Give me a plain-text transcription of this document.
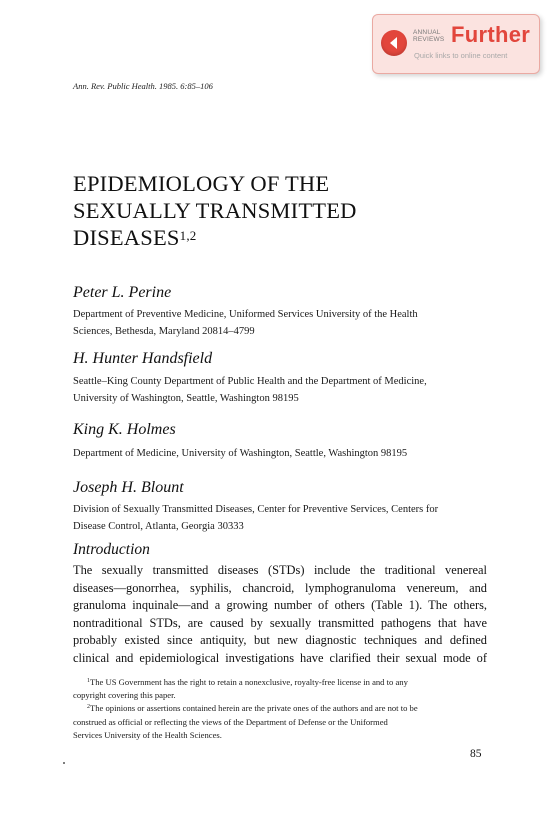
ANNUAL
REVIEWS Further
Quick links to online content
Ann. Rev. Public Health. 1985. 6:85–106
EPIDEMIOLOGY OF THE
SEXUALLY TRANSMITTED
DISEASES$^{1,2}$
Peter L. Perine
Department of Preventive Medicine, Uniformed Services University of the Health
Sciences, Bethesda, Maryland 20814–4799
H. Hunter Handsfield
Seattle–King County Department of Public Health and the Department of Medicine,
University of Washington, Seattle, Washington 98195
King K. Holmes
Department of Medicine, University of Washington, Seattle, Washington 98195
Joseph H. Blount
Division of Sexually Transmitted Diseases, Center for Preventive Services, Centers for
Disease Control, Atlanta, Georgia 30333
Introduction
The sexually transmitted diseases (STDs) include the traditional venereal
diseases—gonorrhea, syphilis, chancroid, lymphogranuloma venereum, and
granuloma inquinale—and a growing number of others (Table 1). The others,
nontraditional STDs, are caused by sexually transmitted pathogens that have
probably existed since antiquity, but new diagnostic techniques and defined
clinical and epidemiological investigations have clarified their sexual mode of
$^1$The US Government has the right to retain a nonexclusive, royalty-free license in and to any
copyright covering this paper.
$^2$The opinions or assertions contained herein are the private ones of the authors and are not to be
construed as official or reflecting the views of the Department of Defense or the Uniformed
Services University of the Health Sciences.
85
